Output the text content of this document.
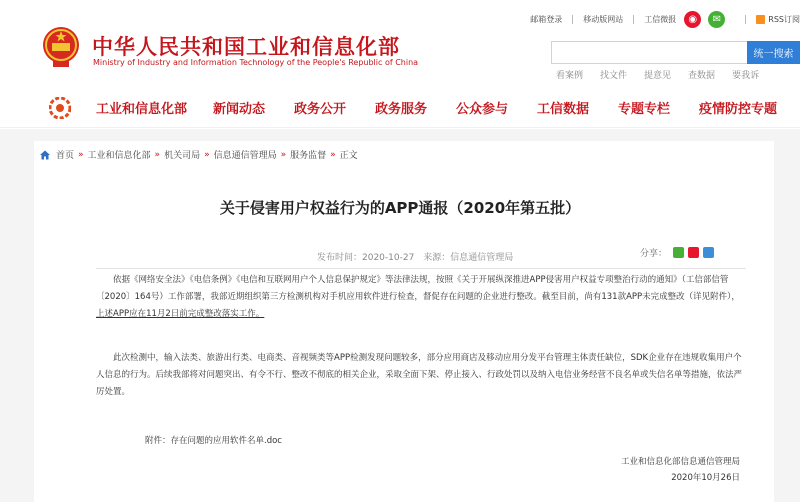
中华人民共和国工业和信息化部
Ministry of Industry and Information Technology of the People's Republic of China
邮箱登录	移动版网站	工信微报	◉	✉	RSS订阅
统一搜索
看案例 找文件 提意见 查数据 要我诉
工业和信息化部	新闻动态	政务公开	政务服务	公众参与	工信数据	专题专栏	疫情防控专题
首页 » 工业和信息化部 » 机关司局 » 信息通信管理局 » 服务监督 » 正文
关于侵害用户权益行为的APP通报（2020年第五批）
发布时间：2020-10-27 来源：信息通信管理局	分享：
依据《网络安全法》《电信条例》《电信和互联网用户个人信息保护规定》等法律法规，按照《关于开展纵深推进APP侵害用户权益专项整治行动的通知》（工信部信管〔2020〕164号）工作部署，我部近期组织第三方检测机构对手机应用软件进行检查，督促存在问题的企业进行整改。截至目前，尚有131款APP未完成整改（详见附件），上述APP应在11月2日前完成整改落实工作。
此次检测中，输入法类、旅游出行类、电商类、音视频类等APP检测发现问题较多，部分应用商店及移动应用分发平台管理主体责任缺位，SDK企业存在违规收集用户个人信息的行为。后续我部将对问题突出、有令不行、整改不彻底的相关企业，采取全面下架、停止接入、行政处罚以及纳入电信业务经营不良名单或失信名单等措施，依法严厉处置。
附件：存在问题的应用软件名单.doc
工业和信息化部信息通信管理局
2020年10月26日
